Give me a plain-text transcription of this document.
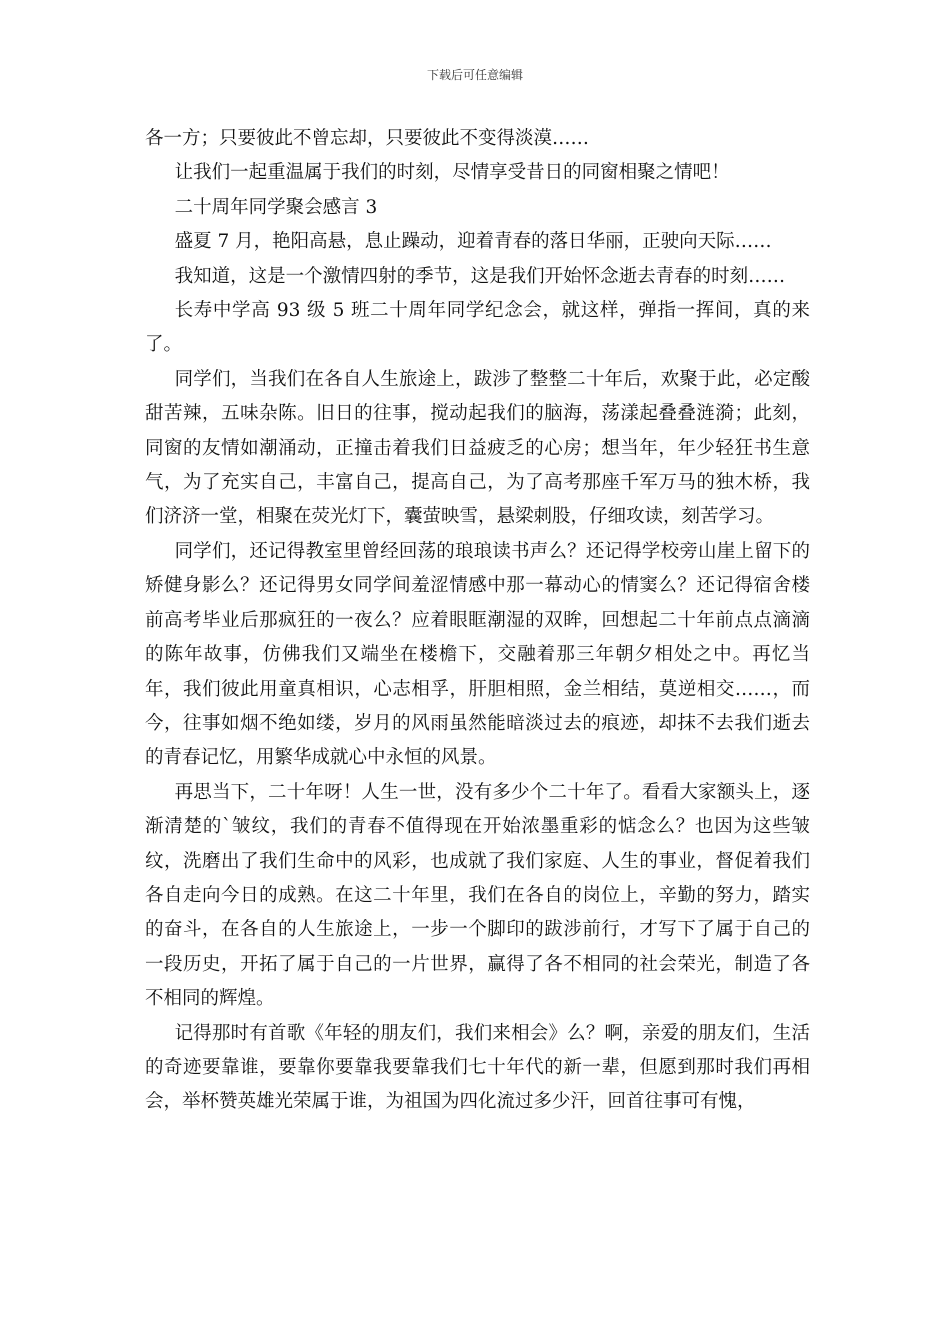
下载后可任意编辑

各一方；只要彼此不曾忘却，只要彼此不变得淡漠……

让我们一起重温属于我们的时刻，尽情享受昔日的同窗相聚之情吧！

二十周年同学聚会感言 3

盛夏 7 月，艳阳高悬，息止躁动，迎着青春的落日华丽，正驶向天际……

我知道，这是一个激情四射的季节，这是我们开始怀念逝去青春的时刻……

长寿中学高 93 级 5 班二十周年同学纪念会，就这样，弹指一挥间，真的来了。

同学们，当我们在各自人生旅途上，跋涉了整整二十年后，欢聚于此，必定酸甜苦辣，五味杂陈。旧日的往事，搅动起我们的脑海，荡漾起叠叠涟漪；此刻，同窗的友情如潮涌动，正撞击着我们日益疲乏的心房；想当年，年少轻狂书生意气，为了充实自己，丰富自己，提高自己，为了高考那座千军万马的独木桥，我们济济一堂，相聚在荧光灯下，囊萤映雪，悬梁刺股，仔细攻读，刻苦学习。

同学们，还记得教室里曾经回荡的琅琅读书声么？还记得学校旁山崖上留下的矫健身影么？还记得男女同学间羞涩情感中那一幕动心的情窦么？还记得宿舍楼前高考毕业后那疯狂的一夜么？应着眼眶潮湿的双眸，回想起二十年前点点滴滴的陈年故事，仿佛我们又端坐在楼檐下，交融着那三年朝夕相处之中。再忆当年，我们彼此用童真相识，心志相孚，肝胆相照，金兰相结，莫逆相交……，而今，往事如烟不绝如缕，岁月的风雨虽然能暗淡过去的痕迹，却抹不去我们逝去的青春记忆，用繁华成就心中永恒的风景。

再思当下，二十年呀！人生一世，没有多少个二十年了。看看大家额头上，逐渐清楚的`皱纹，我们的青春不值得现在开始浓墨重彩的惦念么？也因为这些皱纹，洗磨出了我们生命中的风彩，也成就了我们家庭、人生的事业，督促着我们各自走向今日的成熟。在这二十年里，我们在各自的岗位上，辛勤的努力，踏实的奋斗，在各自的人生旅途上，一步一个脚印的跋涉前行，才写下了属于自己的一段历史，开拓了属于自己的一片世界，赢得了各不相同的社会荣光，制造了各不相同的辉煌。

记得那时有首歌《年轻的朋友们，我们来相会》么？啊，亲爱的朋友们，生活的奇迹要靠谁，要靠你要靠我要靠我们七十年代的新一辈，但愿到那时我们再相会，举杯赞英雄光荣属于谁，为祖国为四化流过多少汗，回首往事可有愧，
